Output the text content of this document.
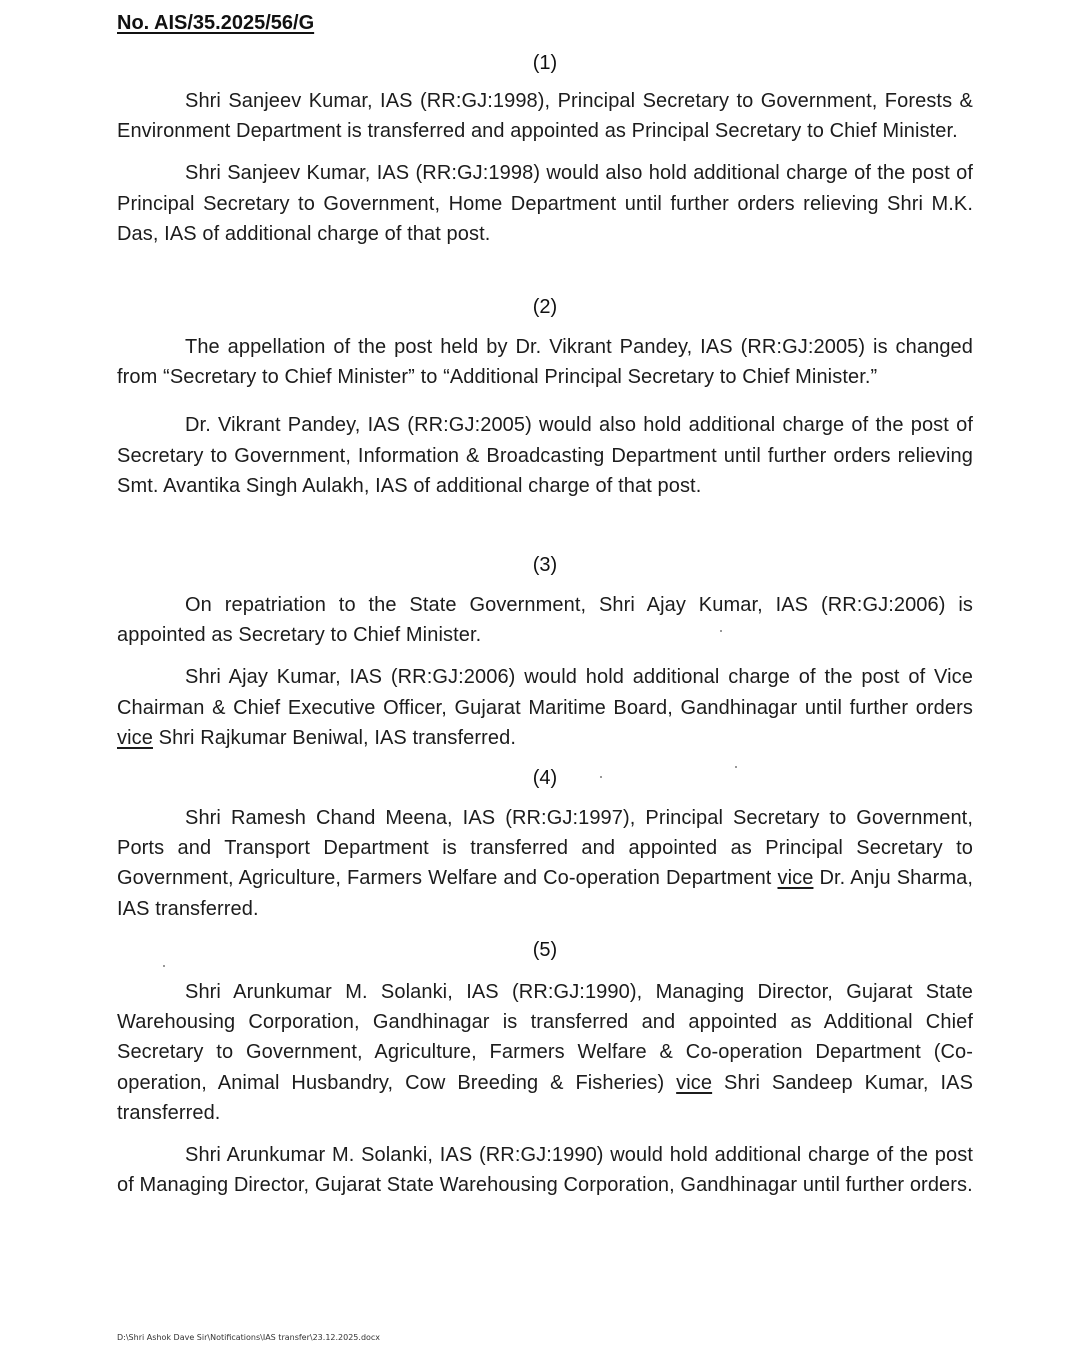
No. AIS/35.2025/56/G

(1)

Shri Sanjeev Kumar, IAS (RR:GJ:1998), Principal Secretary to Government, Forests & Environment Department is transferred and appointed as Principal Secretary to Chief Minister.

Shri Sanjeev Kumar, IAS (RR:GJ:1998) would also hold additional charge of the post of Principal Secretary to Government, Home Department until further orders relieving Shri M.K. Das, IAS of additional charge of that post.

(2)

The appellation of the post held by Dr. Vikrant Pandey, IAS (RR:GJ:2005) is changed from “Secretary to Chief Minister” to “Additional Principal Secretary to Chief Minister.”

Dr. Vikrant Pandey, IAS (RR:GJ:2005) would also hold additional charge of the post of Secretary to Government, Information & Broadcasting Department until further orders relieving Smt. Avantika Singh Aulakh, IAS of additional charge of that post.

(3)

On repatriation to the State Government, Shri Ajay Kumar, IAS (RR:GJ:2006) is appointed as Secretary to Chief Minister.

Shri Ajay Kumar, IAS (RR:GJ:2006) would hold additional charge of the post of Vice Chairman & Chief Executive Officer, Gujarat Maritime Board, Gandhinagar until further orders vice Shri Rajkumar Beniwal, IAS transferred.

(4)

Shri Ramesh Chand Meena, IAS (RR:GJ:1997), Principal Secretary to Government, Ports and Transport Department is transferred and appointed as Principal Secretary to Government, Agriculture, Farmers Welfare and Co-operation Department vice Dr. Anju Sharma, IAS transferred.

(5)

Shri Arunkumar M. Solanki, IAS (RR:GJ:1990), Managing Director, Gujarat State Warehousing Corporation, Gandhinagar is transferred and appointed as Additional Chief Secretary to Government, Agriculture, Farmers Welfare & Co-operation Department (Co-operation, Animal Husbandry, Cow Breeding & Fisheries) vice Shri Sandeep Kumar, IAS transferred.

Shri Arunkumar M. Solanki, IAS (RR:GJ:1990) would hold additional charge of the post of Managing Director, Gujarat State Warehousing Corporation, Gandhinagar until further orders.

D:\Shri Ashok Dave Sir\Notifications\IAS transfer\23.12.2025.docx
